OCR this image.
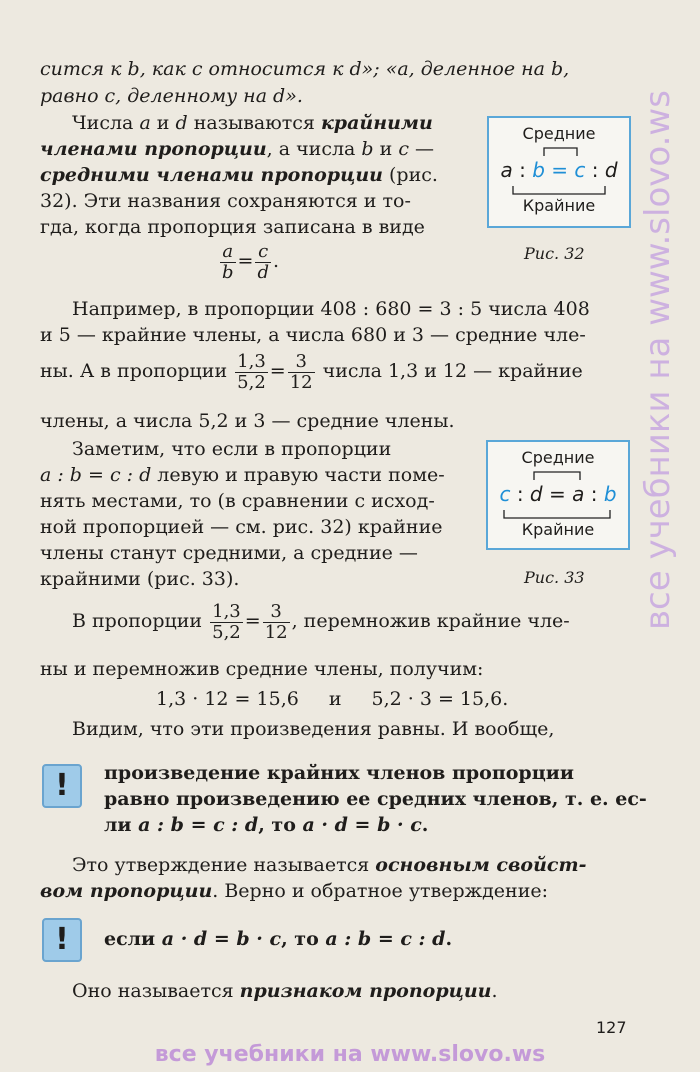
сится к b, как c относится к d»; «a, деленное на b,
равно c, деленному на d».
Числа a и d называются крайними
членами пропорции, а числа b и c —
средними членами пропорции (рис.
32). Эти названия сохраняются и то-
гда, когда пропорция записана в виде
$\frac{a}{b} = \frac{c}{d}$ .
Средние
a : b = c : d
Крайние
Рис. 32
Например, в пропорции 408 : 680 = 3 : 5 числа 408
и 5 — крайние члены, а числа 680 и 3 — средние чле-
ны. А в пропорции $\frac{1,3}{5,2} = \frac{3}{12}$ числа 1,3 и 12 — крайние
члены, а числа 5,2 и 3 — средние члены.
Заметим, что если в пропорции
a : b = c : d левую и правую части поме-
нять местами, то (в сравнении с исход-
ной пропорцией — см. рис. 32) крайние
члены станут средними, а средние —
крайними (рис. 33).
Средние
c : d = a : b
Крайние
Рис. 33
В пропорции $\frac{1,3}{5,2} = \frac{3}{12}$ , перемножив крайние чле-
ны и перемножив средние члены, получим:
1,3 · 12 = 15,6 и 5,2 · 3 = 15,6.
Видим, что эти произведения равны. И вообще,
!	произведение крайних членов пропорции
равно произведению ее средних членов, т. е. ес-
ли a : b = c : d, то a · d = b · c.
Это утверждение называется основным свойст-
вом пропорции. Верно и обратное утверждение:
!	если a · d = b · c, то a : b = c : d.
Оно называется признаком пропорции.
127
все учебники на www.slovo.ws
все учебники на www.slovo.ws
